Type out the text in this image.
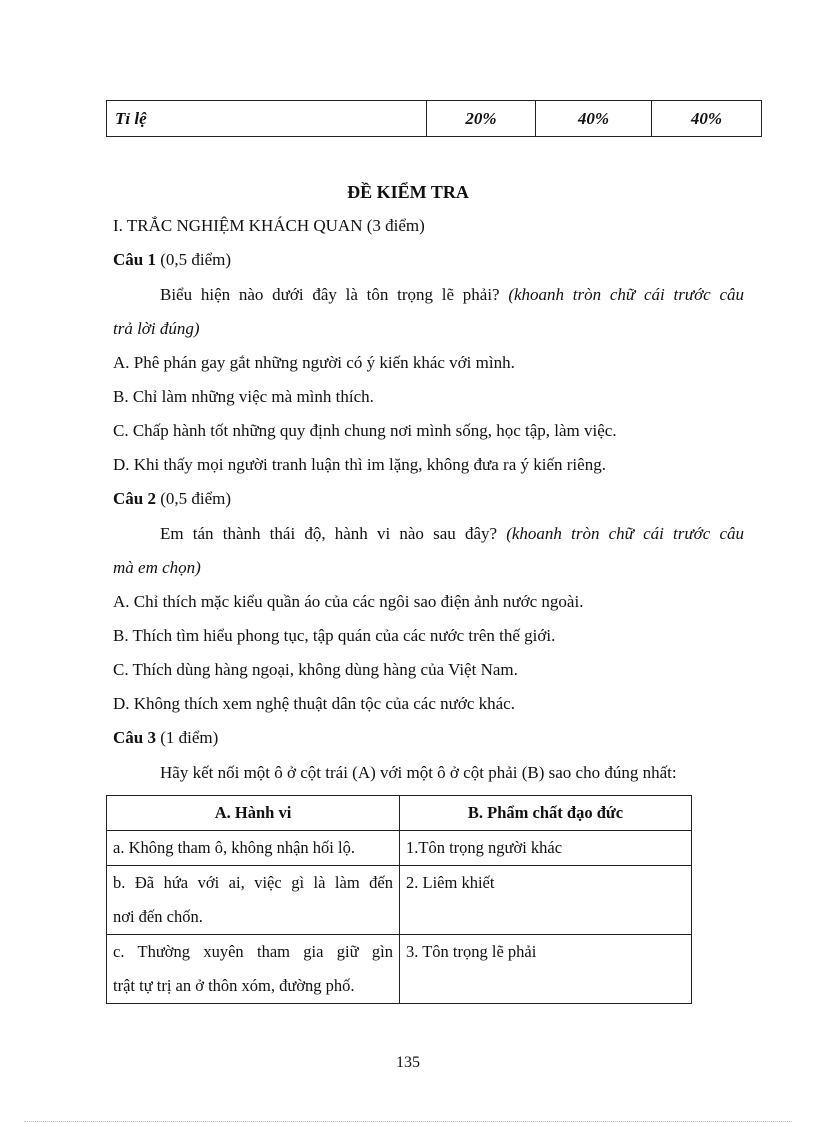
Tỉ lệ	20%	40%	40%
ĐỀ KIỂM TRA
I. TRẮC NGHIỆM KHÁCH QUAN (3 điểm)
Câu 1 (0,5 điểm)
Biểu hiện nào dưới đây là tôn trọng lẽ phải? (khoanh tròn chữ cái trước câu
trả lời đúng)
A. Phê phán gay gắt những người có ý kiến khác với mình.
B. Chỉ làm những việc mà mình thích.
C. Chấp hành tốt những quy định chung nơi mình sống, học tập, làm việc.
D. Khi thấy mọi người tranh luận thì im lặng, không đưa ra ý kiến riêng.
Câu 2 (0,5 điểm)
Em tán thành thái độ, hành vi nào sau đây? (khoanh tròn chữ cái trước câu
mà em chọn)
A. Chỉ thích mặc kiểu quần áo của các ngôi sao điện ảnh nước ngoài.
B. Thích tìm hiểu phong tục, tập quán của các nước trên thế giới.
C. Thích dùng hàng ngoại, không dùng hàng của Việt Nam.
D. Không thích xem nghệ thuật dân tộc của các nước khác.
Câu 3 (1 điểm)
Hãy kết nối một ô ở cột trái (A) với một ô ở cột phải (B) sao cho đúng nhất:
A. Hành vi	B. Phẩm chất đạo đức
a. Không tham ô, không nhận hối lộ.	1.Tôn trọng người khác

b. Đã hứa với ai, việc gì là làm đến
nơi đến chốn.	2. Liêm khiết

c. Thường xuyên tham gia giữ gìn
trật tự trị an ở thôn xóm, đường phố.	3. Tôn trọng lẽ phải
135
